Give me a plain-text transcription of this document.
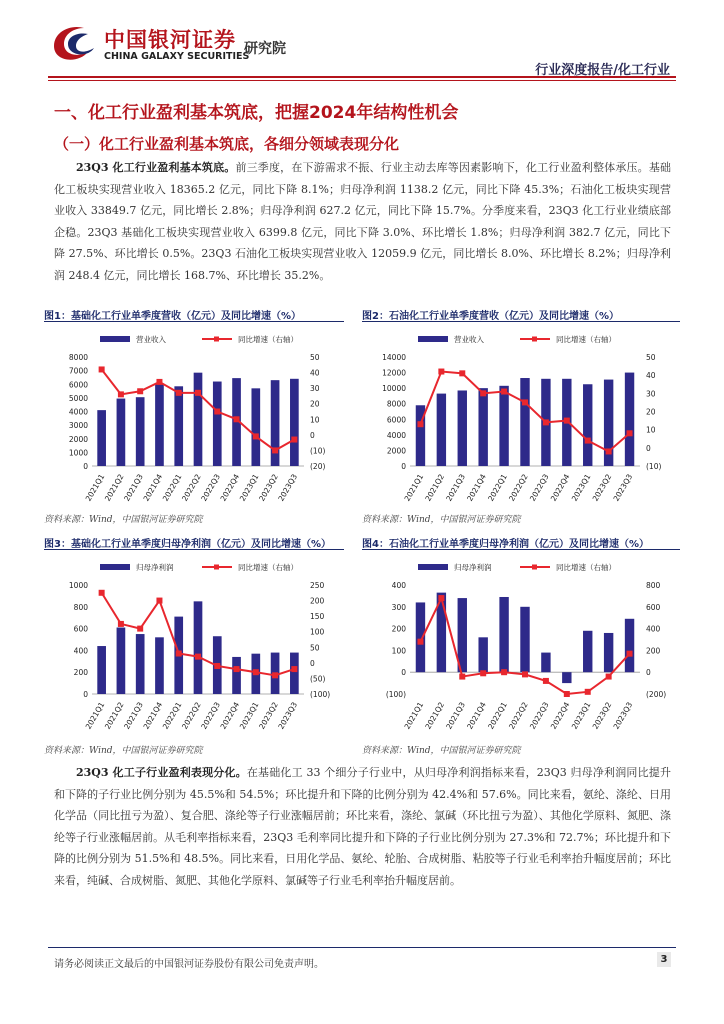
中国银河证券
CHINA GALAXY SECURITIES
研究院
行业深度报告/化工行业
一、化工行业盈利基本筑底，把握2024年结构性机会
（一）化工行业盈利基本筑底，各细分领域表现分化
23Q3 化工行业盈利基本筑底。前三季度，在下游需求不振、行业主动去库等因素影响下，化工行业盈利整体承压。基础化工板块实现营业收入 18365.2 亿元，同比下降 8.1%；归母净利润 1138.2 亿元，同比下降 45.3%；石油化工板块实现营业收入 33849.7 亿元，同比增长 2.8%；归母净利润 627.2 亿元，同比下降 15.7%。分季度来看，23Q3 化工行业业绩底部企稳。23Q3 基础化工板块实现营业收入 6399.8 亿元，同比下降 3.0%、环比增长 1.8%；归母净利润 382.7 亿元，同比下降 27.5%、环比增长 0.5%。23Q3 石油化工板块实现营业收入 12059.9 亿元，同比增长 8.0%、环比增长 8.2%；归母净利润 248.4 亿元，同比增长 168.7%、环比增长 35.2%。
图1：基础化工行业单季度营收（亿元）及同比增速（%）	图2：石油化工行业单季度营收（亿元）及同比增速（%）
营业收入	同比增速（右轴）
8000
7000
6000
5000
4000
3000
2000
1000
0
50
40
30
20
10
0
(10)
(20)
2021Q1
2021Q2
2021Q3
2021Q4
2022Q1
2022Q2
2022Q3
2022Q4
2023Q1
2023Q2
2023Q3
营业收入	同比增速（右轴）
14000
12000
10000
8000
6000
4000
2000
0
50
40
30
20
10
0
(10)
2021Q1
2021Q2
2021Q3
2021Q4
2022Q1
2022Q2
2022Q3
2022Q4
2023Q1
2023Q2
2023Q3
资料来源：Wind，中国银河证券研究院	资料来源：Wind，中国银河证券研究院
图3：基础化工行业单季度归母净利润（亿元）及同比增速（%）	图4：石油化工行业单季度归母净利润（亿元）及同比增速（%）
归母净利润	同比增速（右轴）
1000
800
600
400
200
0
250
200
150
100
50
0
(50)
(100)
2021Q1
2021Q2
2021Q3
2021Q4
2022Q1
2022Q2
2022Q3
2022Q4
2023Q1
2023Q2
2023Q3
归母净利润	同比增速（右轴）
400
300
200
100
0
(100)
800
600
400
200
0
(200)
2021Q1
2021Q2
2021Q3
2021Q4
2022Q1
2022Q2
2022Q3
2022Q4
2023Q1
2023Q2
2023Q3
资料来源：Wind，中国银河证券研究院	资料来源：Wind，中国银河证券研究院
23Q3 化工子行业盈利表现分化。在基础化工 33 个细分子行业中，从归母净利润指标来看，23Q3 归母净利润同比提升和下降的子行业比例分别为 45.5%和 54.5%；环比提升和下降的比例分别为 42.4%和 57.6%。同比来看，氨纶、涤纶、日用化学品（同比扭亏为盈）、复合肥、涤纶等子行业涨幅居前；环比来看，涤纶、氯碱（环比扭亏为盈）、其他化学原料、氮肥、涤纶等子行业涨幅居前。从毛利率指标来看，23Q3 毛利率同比提升和下降的子行业比例分别为 27.3%和 72.7%；环比提升和下降的比例分别为 51.5%和 48.5%。同比来看，日用化学品、氨纶、轮胎、合成树脂、粘胶等子行业毛利率抬升幅度居前；环比来看，纯碱、合成树脂、氮肥、其他化学原料、氯碱等子行业毛利率抬升幅度居前。
请务必阅读正文最后的中国银河证券股份有限公司免责声明。	3
